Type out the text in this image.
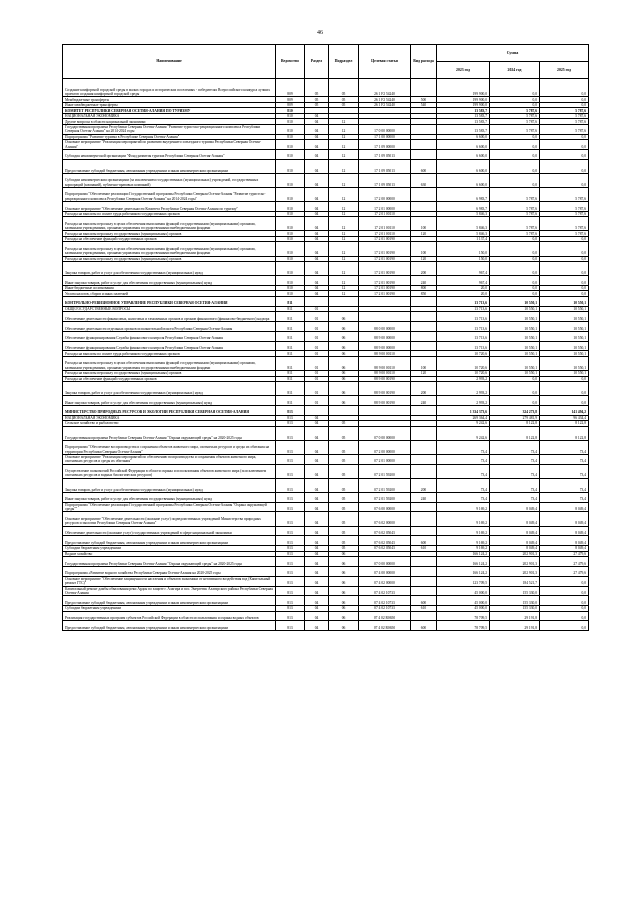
46
Наименование	Ведомство	Раздел	Подраздел	Целевая статья	Вид расхода	Сумма		
						2023 год	2024 год	2025 год
Создание комфортной городской среды в малых городах и исторических поселениях - победителях Всероссийского конкурса лучших проектов создания комфортной городской среды	809	05	05	26 1 F2 54240		199 900,0	0,0	0,0
Межбюджетные трансферты	809	05	05	26 1 F2 54240	500	199 900,0	0,0	0,0
Иные межбюджетные трансферты	809	05	05	26 1 F2 54240	540	199 900,0	0,0	0,0
КОМИТЕТ РЕСПУБЛИКИ СЕВЕРНАЯ ОСЕТИЯ-АЛАНИЯ ПО ТУРИЗМУ	810					13 583,7	5 787,6	5 787,6
НАЦИОНАЛЬНАЯ ЭКОНОМИКА	810	04				13 583,7	5 787,6	5 787,6
Другие вопросы в области национальной экономики	810	04	12			13 583,7	5 787,6	5 787,6
Государственная программа Республики Северная Осетия-Алания "Развитие туристско-рекреационного комплекса Республики Северная Осетия-Алания" на 2014-2024 годы	810	04	12	17 0 00 00000		13 583,7	5 787,6	5 787,6
Подпрограмма "Развитие туризма в Республике Северная Осетия-Алания"	810	04	12	17 1 00 00000		6 600,0	0,0	0,0
Основное мероприятие "Реализация мероприятий по развитию внутреннего и въездного туризма Республики Северная Осетия-Алания"	810	04	12	17 1 09 00000		6 600,0	0,0	0,0
Субсидия некоммерческой организации "Фонд развития туризма Республики Северная Осетия-Алания"	810	04	12	17 1 09 05013		6 600,0	0,0	0,0
Предоставление субсидий бюджетным, автономным учреждениям и иным некоммерческим организациям	810	04	12	17 1 09 05013	600	6 600,0	0,0	0,0
Субсидии некоммерческим организациям (за исключением государственных (муниципальных) учреждений, государственных корпораций (компаний), публично-правовых компаний)	810	04	12	17 1 09 05013	630	6 600,0	0,0	0,0
Подпрограмма "Обеспечение реализации Государственной программы Республики Северная Осетия-Алания "Развитие туристско-рекреационного комплекса Республики Северная Осетия-Алания" на 2014-2024 годы"	810	04	12	17 2 00 00000		6 983,7	5 787,6	5 787,6
Основное мероприятие "Обеспечение деятельности Комитета Республики Северная Осетия-Алания по туризму"	810	04	12	17 2 01 00000		6 983,7	5 787,6	5 787,6
Расходы на выплаты по оплате труда работников государственных органов	810	04	12	17 2 01 00110		5 846,3	5 787,6	5 787,6
Расходы на выплаты персоналу в целях обеспечения выполнения функций государственными (муниципальными) органами, казенными учреждениями, органами управления государственными внебюджетными фондами	810	04	12	17 2 01 00110	100	5 846,3	5 787,6	5 787,6
Расходы на выплаты персоналу государственных (муниципальных) органов	810	04	12	17 2 01 00110	120	5 846,3	5 787,6	5 787,6
Расходы на обеспечение функций государственных органов	810	04	12	17 2 01 00190		1 137,4	0,0	0,0
Расходы на выплаты персоналу в целях обеспечения выполнения функций государственными (муниципальными) органами, казенными учреждениями, органами управления государственными внебюджетными фондами	810	04	12	17 2 01 00190	100	150,0	0,0	0,0
Расходы на выплаты персоналу государственных (муниципальных) органов	810	04	12	17 2 01 00190	120	150,0	0,0	0,0
Закупка товаров, работ и услуг для обеспечения государственных (муниципальных) нужд	810	04	12	17 2 01 00190	200	967,4	0,0	0,0
Иные закупки товаров, работ и услуг для обеспечения государственных (муниципальных) нужд	810	04	12	17 2 01 00190	240	967,4	0,0	0,0
Иные бюджетные ассигнования	810	04	12	17 2 01 00190	800	20,0	0,0	0,0
Уплата налогов, сборов и иных платежей	810	04	12	17 2 01 00190	850	20,0	0,0	0,0
КОНТРОЛЬНО-РЕВИЗИОННОЕ УПРАВЛЕНИЕ РЕСПУБЛИКИ СЕВЕРНАЯ ОСЕТИЯ-АЛАНИЯ	811					13 713,6	10 550,1	10 550,1
ОБЩЕГОСУДАРСТВЕННЫЕ ВОПРОСЫ	811	01				13 713,6	10 550,1	10 550,1
Обеспечение деятельности финансовых, налоговых и таможенных органов и органов финансового (финансово-бюджетного) надзора	811	01	06			13 713,6	10 550,1	10 550,1
Обеспечение деятельности отдельных органов исполнительной власти Республики Северная Осетия-Алания	811	01	06	88 0 00 00000		13 713,6	10 550,1	10 550,1
Обеспечение функционирования Службы финансового контроля Республики Северная Осетия-Алания	811	01	06	88 9 00 00000		13 713,6	10 550,1	10 550,1
Обеспечение функционирования Службы финансового контроля Республики Северная Осетия-Алания	811	01	06	88 9 00 00000		13 713,6	10 550,1	10 550,1
Расходы на выплаты по оплате труда работников государственных органов	811	01	06	88 9 00 00110		10 720,6	10 550,1	10 550,1
Расходы на выплаты персоналу в целях обеспечения выполнения функций государственными (муниципальными) органами, казенными учреждениями, органами управления государственными внебюджетными фондами	811	01	06	88 9 00 00110	100	10 720,6	10 550,1	10 550,1
Расходы на выплаты персоналу государственных (муниципальных) органов	811	01	06	88 9 00 00110	120	10 720,6	10 550,1	10 550,1
Расходы на обеспечение функций государственных органов	811	01	06	88 9 00 00190		2 993,2	0,0	0,0
Закупка товаров, работ и услуг для обеспечения государственных (муниципальных) нужд	811	01	06	88 9 00 00190	200	2 993,2	0,0	0,0
Иные закупки товаров, работ и услуг для обеспечения государственных (муниципальных) нужд	811	01	06	88 9 00 00190	240	2 993,2	0,0	0,0
МИНИСТЕРСТВО ПРИРОДНЫХ РЕСУРСОВ И ЭКОЛОГИИ РЕСПУБЛИКИ СЕВЕРНАЯ ОСЕТИЯ-АЛАНИЯ	813					1 334 373,6	324 273,8	141 494,2
НАЦИОНАЛЬНАЯ ЭКОНОМИКА	813	04				269 364,4	279 481,9	96 434,4
Сельское хозяйство и рыболовство	813	04	05			9 242,6	8 122,8	8 122,8
Государственная программа Республики Северная Осетия-Алания "Охрана окружающей среды" на 2020-2025 годы	813	04	05	07 0 00 00000		9 242,6	8 122,8	8 122,8
Подпрограмма "Обеспечение воспроизводства и сохранения объектов животного мира, охотничьих ресурсов и среды их обитания на территории Республики Северная Осетия-Алания"	813	04	05	07 2 00 00000		73,4	73,4	73,4
Основное мероприятие "Реализация мероприятий по обеспечению воспроизводства и сохранения объектов животного мира, охотничьих ресурсов и среды их обитания"	813	04	05	07 2 01 00000		73,4	73,4	73,4
Осуществление полномочий Российской Федерации в области охраны и использования объектов животного мира (за исключением охотничьих ресурсов и водных биологических ресурсов)	813	04	05	07 2 01 59200		73,4	73,4	73,4
Закупка товаров, работ и услуг для обеспечения государственных (муниципальных) нужд	813	04	05	07 2 01 59200	200	73,4	73,4	73,4
Иные закупки товаров, работ и услуг для обеспечения государственных (муниципальных) нужд	813	04	05	07 2 01 59200	240	73,4	73,4	73,4
Подпрограмма "Обеспечение реализации Государственной программы Республики Северная Осетия-Алания "Охрана окружающей среды""	813	04	05	07 6 00 00000		9 169,2	8 049,4	8 049,4
Основное мероприятие "Обеспечение деятельности (оказание услуг) подведомственных учреждений Министерства природных ресурсов и экологии Республики Северная Осетия-Алания"	813	04	05	07 6 02 00000		9 169,2	8 049,4	8 049,4
Обеспечение деятельности (оказание услуг) государственных учреждений в сфере национальной экономики	813	04	05	07 6 02 05043		9 169,2	8 049,4	8 049,4
Предоставление субсидий бюджетным, автономным учреждениям и иным некоммерческим организациям	813	04	05	07 6 02 05043	600	9 169,2	8 049,4	8 049,4
Субсидии бюджетным учреждениям	813	04	05	07 6 02 05043	610	9 169,2	8 049,4	8 049,4
Водное хозяйство	813	04	06			166 124,2	202 901,3	27 479,6
Государственная программа Республики Северная Осетия-Алания "Охрана окружающей среды" на 2020-2025 годы	813	04	06	07 0 00 00000		166 124,2	202 901,3	27 479,6
Подпрограмма «Развитие водного хозяйства Республики Северная Осетия-Алания на 2020-2025 годы	813	04	06	07 4 00 00000		166 124,2	202 901,3	27 479,6
Основное мероприятие "Обеспечение защищенности населения и объектов экономики от негативного воздействия вод (Капитальный ремонт ГТС)"	813	04	06	07 4 02 00000		123 709,5	184 521,7	0,0
Капитальный ремонт дамбы обвалования реки Ардон по защите г. Алагира и пос. Энергетик Алагирского района Республики Северная Осетия-Алания	813	04	06	07 4 02 10733		45 000,0	155 330,0	0,0
Предоставление субсидий бюджетным, автономным учреждениям и иным некоммерческим организациям	813	04	06	07 4 02 10733	600	45 000,0	155 330,0	0,0
Субсидии бюджетным учреждениям	813	04	06	07 4 02 10733	610	45 000,0	155 330,0	0,0
Реализация государственных программ субъектов Российской Федерации в области использования и охраны водных объектов	813	04	06	07 4 02 R0650		78 709,5	29 191,8	0,0
Предоставление субсидий бюджетным, автономным учреждениям и иным некоммерческим организациям	813	04	06	07 4 02 R0650	600	78 709,5	29 191,8	0,0
